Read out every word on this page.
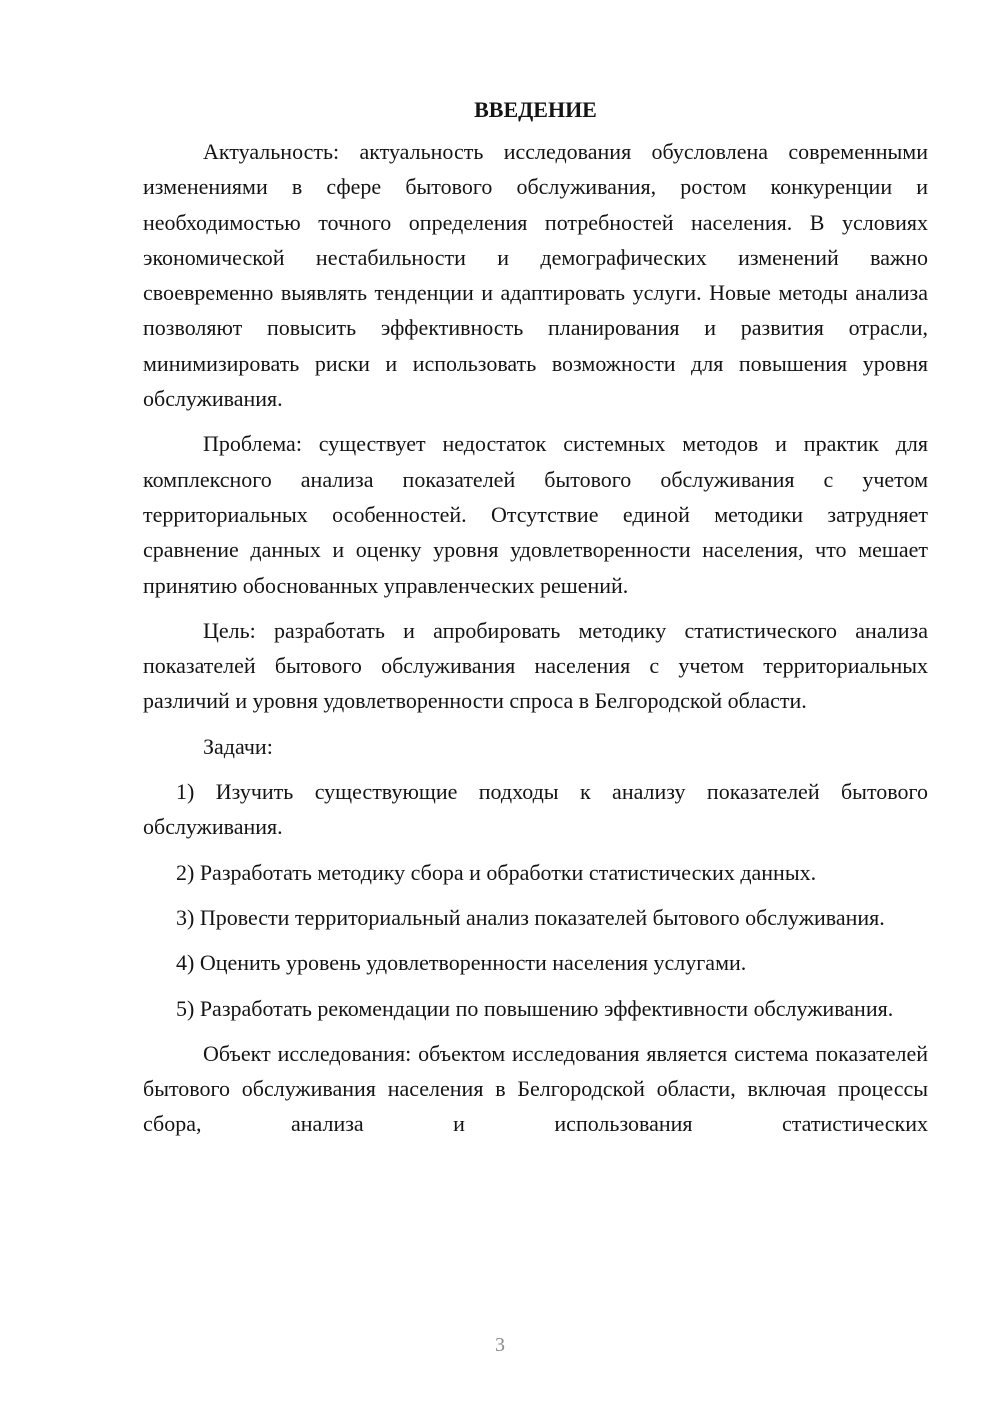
ВВЕДЕНИЕ

Актуальность: актуальность исследования обусловлена современными изменениями в сфере бытового обслуживания, ростом конкуренции и необходимостью точного определения потребностей населения. В условиях экономической нестабильности и демографических изменений важно своевременно выявлять тенденции и адаптировать услуги. Новые методы анализа позволяют повысить эффективность планирования и развития отрасли, минимизировать риски и использовать возможности для повышения уровня обслуживания.

Проблема: существует недостаток системных методов и практик для комплексного анализа показателей бытового обслуживания с учетом территориальных особенностей. Отсутствие единой методики затрудняет сравнение данных и оценку уровня удовлетворенности населения, что мешает принятию обоснованных управленческих решений.

Цель: разработать и апробировать методику статистического анализа показателей бытового обслуживания населения с учетом территориальных различий и уровня удовлетворенности спроса в Белгородской области.

Задачи:

1) Изучить существующие подходы к анализу показателей бытового обслуживания.

2) Разработать методику сбора и обработки статистических данных.

3) Провести территориальный анализ показателей бытового обслуживания.

4) Оценить уровень удовлетворенности населения услугами.

5) Разработать рекомендации по повышению эффективности обслуживания.

Объект исследования: объектом исследования является система показателей бытового обслуживания населения в Белгородской области, включая процессы сбора, анализа и использования статистических

3
